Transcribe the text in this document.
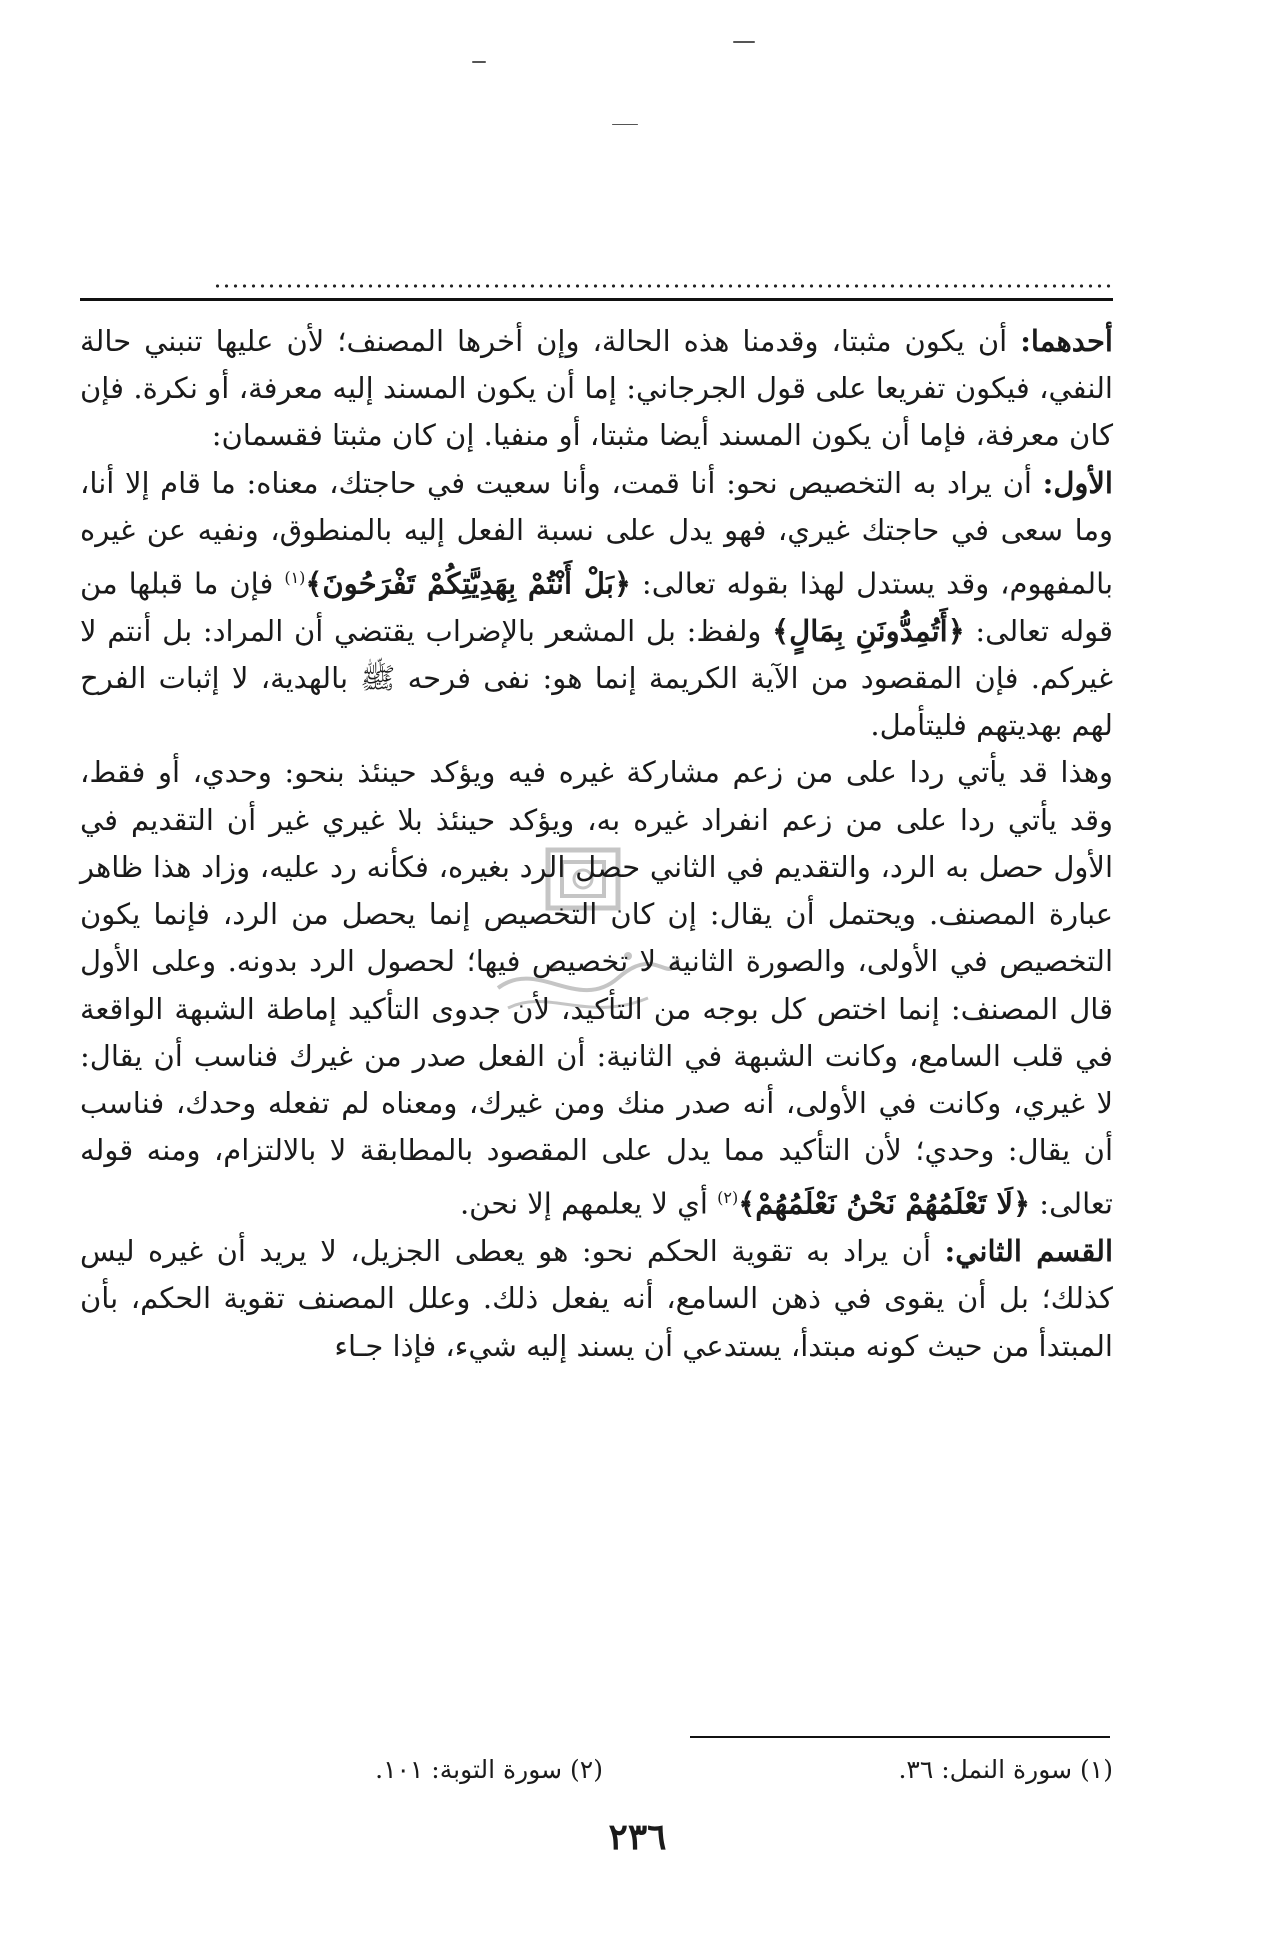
أحدهما: أن يكون مثبتا، وقدمنا هذه الحالة، وإن أخرها المصنف؛ لأن عليها تنبني حالة النفي، فيكون تفريعا على قول الجرجاني: إما أن يكون المسند إليه معرفة، أو نكرة. فإن كان معرفة، فإما أن يكون المسند أيضا مثبتا، أو منفيا. إن كان مثبتا فقسمان:

الأول: أن يراد به التخصيص نحو: أنا قمت، وأنا سعيت في حاجتك، معناه: ما قام إلا أنا، وما سعى في حاجتك غيري، فهو يدل على نسبة الفعل إليه بالمنطوق، ونفيه عن غيره بالمفهوم، وقد يستدل لهذا بقوله تعالى: ﴿بَلْ أَنْتُمْ بِهَدِيَّتِكُمْ تَفْرَحُونَ﴾$^{(١)}$ فإن ما قبلها من قوله تعالى: ﴿أَتُمِدُّونَنِ بِمَالٍ﴾ ولفظ: بل المشعر بالإضراب يقتضي أن المراد: بل أنتم لا غيركم. فإن المقصود من الآية الكريمة إنما هو: نفى فرحه ﷺ بالهدية، لا إثبات الفرح لهم بهديتهم فليتأمل.

وهذا قد يأتي ردا على من زعم مشاركة غيره فيه ويؤكد حينئذ بنحو: وحدي، أو فقط، وقد يأتي ردا على من زعم انفراد غيره به، ويؤكد حينئذ بلا غيري غير أن التقديم في الأول حصل به الرد، والتقديم في الثاني حصل الرد بغيره، فكأنه رد عليه، وزاد هذا ظاهر عبارة المصنف. ويحتمل أن يقال: إن كان التخصيص إنما يحصل من الرد، فإنما يكون التخصيص في الأولى، والصورة الثانية لا تخصيص فيها؛ لحصول الرد بدونه. وعلى الأول قال المصنف: إنما اختص كل بوجه من التأكيد، لأن جدوى التأكيد إماطة الشبهة الواقعة في قلب السامع، وكانت الشبهة في الثانية: أن الفعل صدر من غيرك فناسب أن يقال: لا غيري، وكانت في الأولى، أنه صدر منك ومن غيرك، ومعناه لم تفعله وحدك، فناسب أن يقال: وحدي؛ لأن التأكيد مما يدل على المقصود بالمطابقة لا بالالتزام، ومنه قوله تعالى: ﴿لَا تَعْلَمُهُمْ نَحْنُ نَعْلَمُهُمْ﴾$^{(٢)}$ أي لا يعلمهم إلا نحن.

القسم الثاني: أن يراد به تقوية الحكم نحو: هو يعطى الجزيل، لا يريد أن غيره ليس كذلك؛ بل أن يقوى في ذهن السامع، أنه يفعل ذلك. وعلل المصنف تقوية الحكم، بأن المبتدأ من حيث كونه مبتدأ، يستدعي أن يسند إليه شيء، فإذا جـاء

(١) سورة النمل: ٣٦.
(٢) سورة التوبة: ١٠١.
٢٣٦
